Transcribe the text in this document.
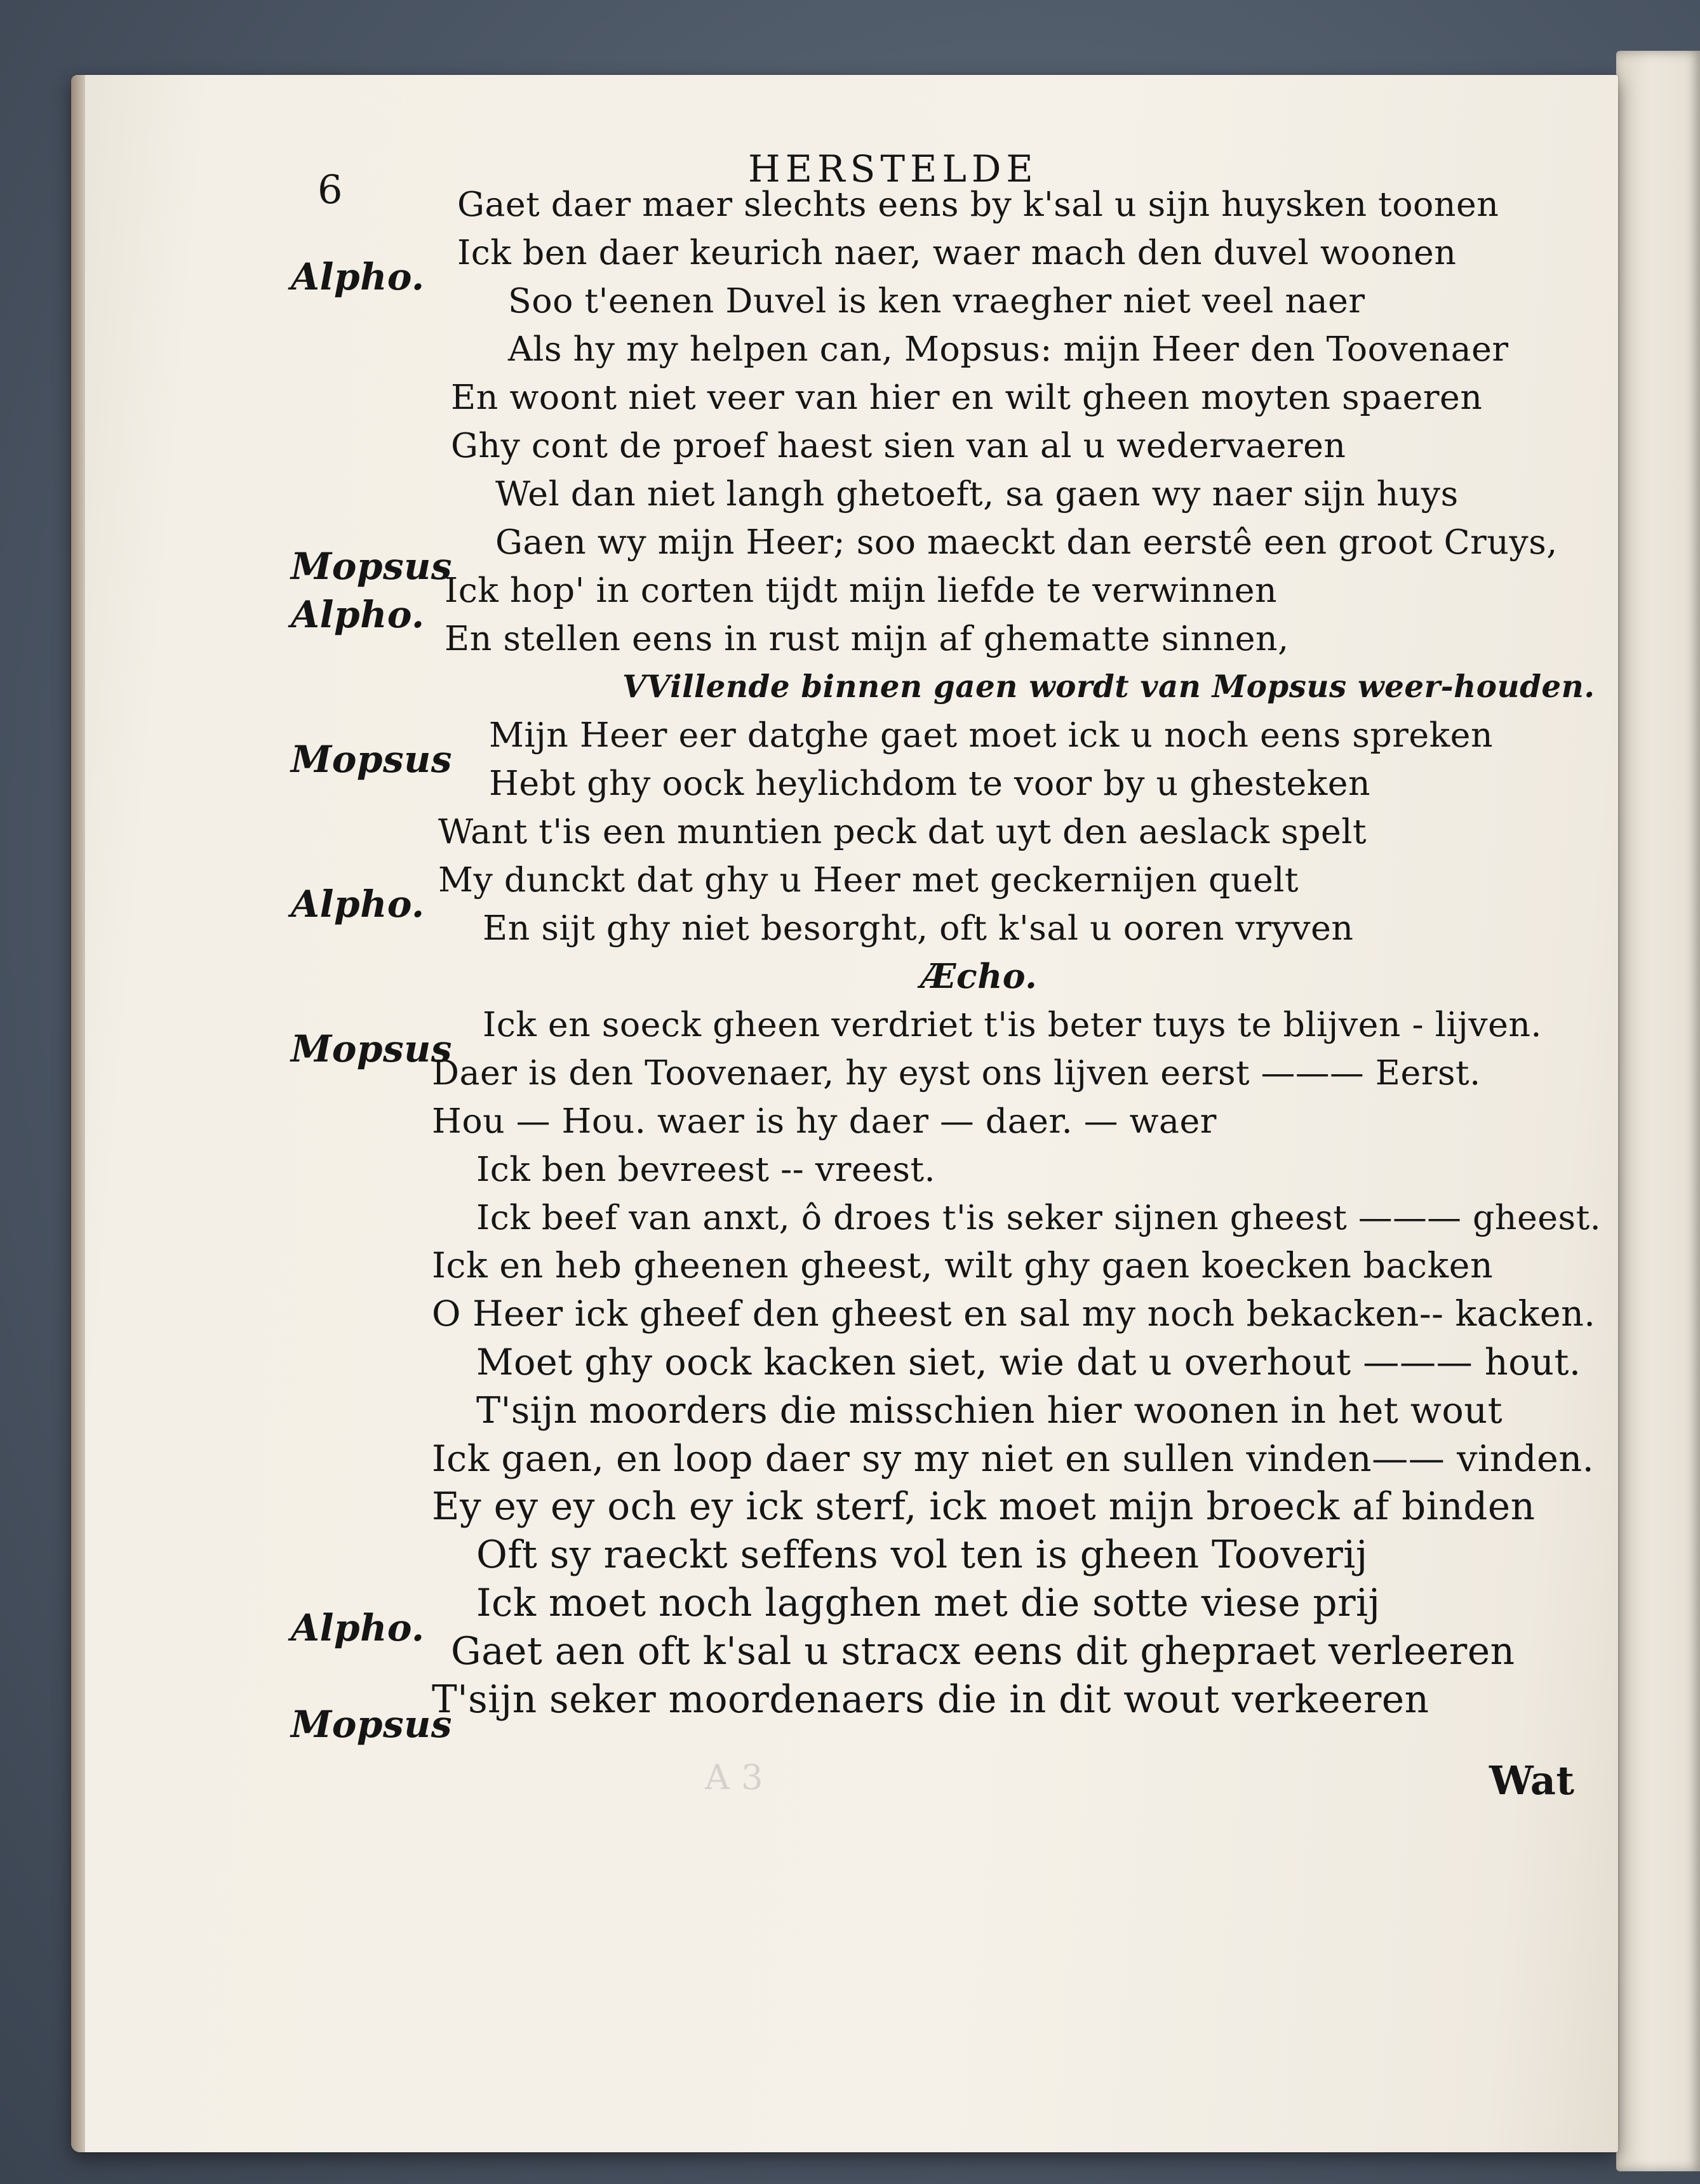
HERSTELDE
6
Alpho.
Mopsus
Alpho.
Mopsus
Alpho.
Mopsus
Alpho.
Mopsus
Gaet daer maer slechts eens by k'sal u sijn huysken toonen
Ick ben daer keurich naer, waer mach den duvel woonen
Soo t'eenen Duvel is ken vraegher niet veel naer
Als hy my helpen can, Mopsus: mijn Heer den Toovenaer
En woont niet veer van hier en wilt gheen moyten spaeren
Ghy cont de proef haest sien van al u wedervaeren
Wel dan niet langh ghetoeft, sa gaen wy naer sijn huys
Gaen wy mijn Heer; soo maeckt dan eerstê een groot Cruys,
Ick hop' in corten tijdt mijn liefde te verwinnen
En stellen eens in rust mijn af ghematte sinnen,
VVillende binnen gaen wordt van Mopsus weer-houden.
Mijn Heer eer datghe gaet moet ick u noch eens spreken
Hebt ghy oock heylichdom te voor by u ghesteken
Want t'is een muntien peck dat uyt den aeslack spelt
My dunckt dat ghy u Heer met geckernijen quelt
En sijt ghy niet besorght, oft k'sal u ooren vryven
Æcho.
Ick en soeck gheen verdriet t'is beter tuys te blijven - lijven.
Daer is den Toovenaer, hy eyst ons lijven eerst ——— Eerst.
Hou — Hou. waer is hy daer — daer. — waer
Ick ben bevreest -- vreest.
Ick beef van anxt, ô droes t'is seker sijnen gheest ——— gheest.
Ick en heb gheenen gheest, wilt ghy gaen koecken backen
O Heer ick gheef den gheest en sal my noch bekacken-- kacken.
Moet ghy oock kacken siet, wie dat u overhout ——— hout.
T'sijn moorders die misschien hier woonen in het wout
Ick gaen, en loop daer sy my niet en sullen vinden—— vinden.
Ey ey ey och ey ick sterf, ick moet mijn broeck af binden
Oft sy raeckt seffens vol ten is gheen Tooverij
Ick moet noch lagghen met die sotte viese prij
Gaet aen oft k'sal u stracx eens dit ghepraet verleeren
T'sijn seker moordenaers die in dit wout verkeeren
A 3	Wat
